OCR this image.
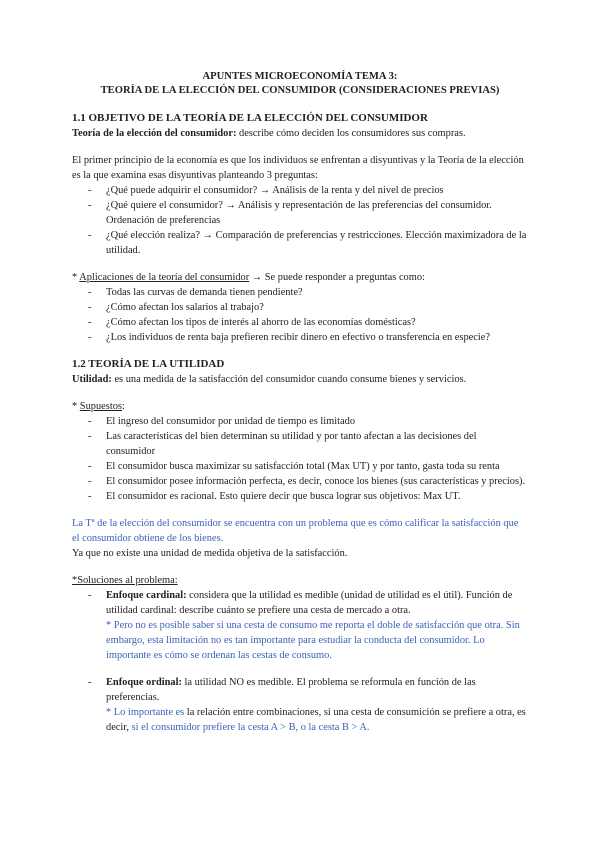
APUNTES MICROECONOMÍA TEMA 3:
TEORÍA DE LA ELECCIÓN DEL CONSUMIDOR (CONSIDERACIONES PREVIAS)

1.1 OBJETIVO DE LA TEORÍA DE LA ELECCIÓN DEL CONSUMIDOR

Teoría de la elección del consumidor: describe cómo deciden los consumidores sus compras.

El primer principio de la economía es que los individuos se enfrentan a disyuntivas y la Teoría de la elección es la que examina esas disyuntivas planteando 3 preguntas:

- ¿Qué puede adquirir el consumidor? → Análisis de la renta y del nivel de precios
- ¿Qué quiere el consumidor? → Análisis y representación de las preferencias del consumidor. Ordenación de preferencias
- ¿Qué elección realiza? → Comparación de preferencias y restricciones. Elección maximizadora de la utilidad.

* Aplicaciones de la teoría del consumidor → Se puede responder a preguntas como:

- Todas las curvas de demanda tienen pendiente?
- ¿Cómo afectan los salarios al trabajo?
- ¿Cómo afectan los tipos de interés al ahorro de las economías domésticas?
- ¿Los individuos de renta baja prefieren recibir dinero en efectivo o transferencia en especie?

1.2 TEORÍA DE LA UTILIDAD

Utilidad: es una medida de la satisfacción del consumidor cuando consume bienes y servicios.

* Supuestos:

- El ingreso del consumidor por unidad de tiempo es limitado
- Las características del bien determinan su utilidad y por tanto afectan a las decisiones del consumidor
- El consumidor busca maximizar su satisfacción total (Max UT) y por tanto, gasta toda su renta
- El consumidor posee información perfecta, es decir, conoce los bienes (sus características y precios).
- El consumidor es racional. Esto quiere decir que busca lograr sus objetivos: Max UT.

La Tª de la elección del consumidor se encuentra con un problema que es cómo calificar la satisfacción que el consumidor obtiene de los bienes.

Ya que no existe una unidad de medida objetiva de la satisfacción.

*Soluciones al problema:

- Enfoque cardinal: considera que la utilidad es medible (unidad de utilidad es el útil). Función de utilidad cardinal: describe cuánto se prefiere una cesta de mercado a otra.
* Pero no es posible saber si una cesta de consumo me reporta el doble de satisfacción que otra. Sin embargo, esta limitación no es tan importante para estudiar la conducta del consumidor. Lo importante es cómo se ordenan las cestas de consumo.
- Enfoque ordinal: la utilidad NO es medible. El problema se reformula en función de las preferencias.
* Lo importante es la relación entre combinaciones, si una cesta de consumición se prefiere a otra, es decir, si el consumidor prefiere la cesta A > B, o la cesta B > A.
